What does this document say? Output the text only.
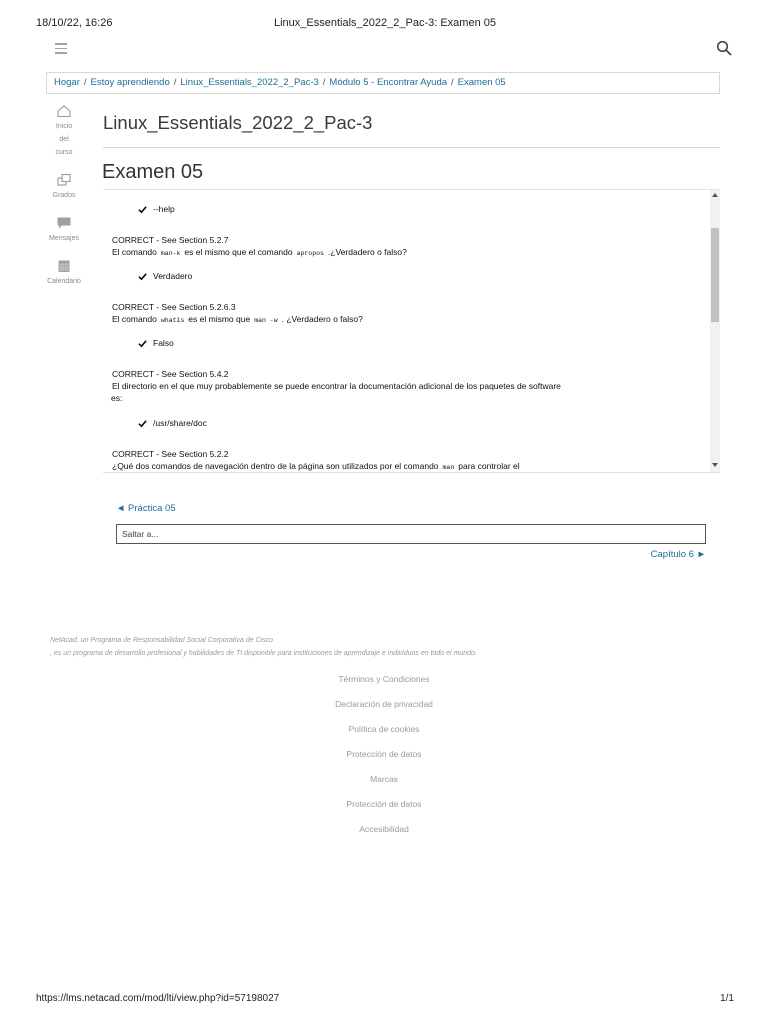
18/10/22, 16:26	Linux_Essentials_2022_2_Pac-3: Examen 05
Hogar / Estoy aprendiendo / Linux_Essentials_2022_2_Pac-3 / Módulo 5 - Encontrar Ayuda / Examen 05
Inicio
del
curso
Grados
Mensajes
Calendario
Linux_Essentials_2022_2_Pac-3
Examen 05
--help
CORRECT - See Section 5.2.7
El comando man-k es el mismo que el comando apropos .¿Verdadero o falso?
Verdadero
CORRECT - See Section 5.2.6.3
El comando whatis es el mismo que man -w . ¿Verdadero o falso?
Falso
CORRECT - See Section 5.4.2
El directorio en el que muy probablemente se puede encontrar la documentación adicional de los paquetes de software
es:
/usr/share/doc
CORRECT - See Section 5.2.2
¿Qué dos comandos de navegación dentro de la página son utilizados por el comando man para controlar el
◄ Práctica 05
Saltar a...
Capítulo 6 ►
NetAcad, un Programa de Responsabilidad Social Corporativa de Cisco
, es un programa de desarrollo profesional y habilidades de TI disponible para instituciones de aprendizaje e individuos en todo el mundo.
Términos y Condiciones
Declaración de privacidad
Política de cookies
Protección de datos
Marcas
Protección de datos
Accesibilidad
https://lms.netacad.com/mod/lti/view.php?id=57198027	1/1
